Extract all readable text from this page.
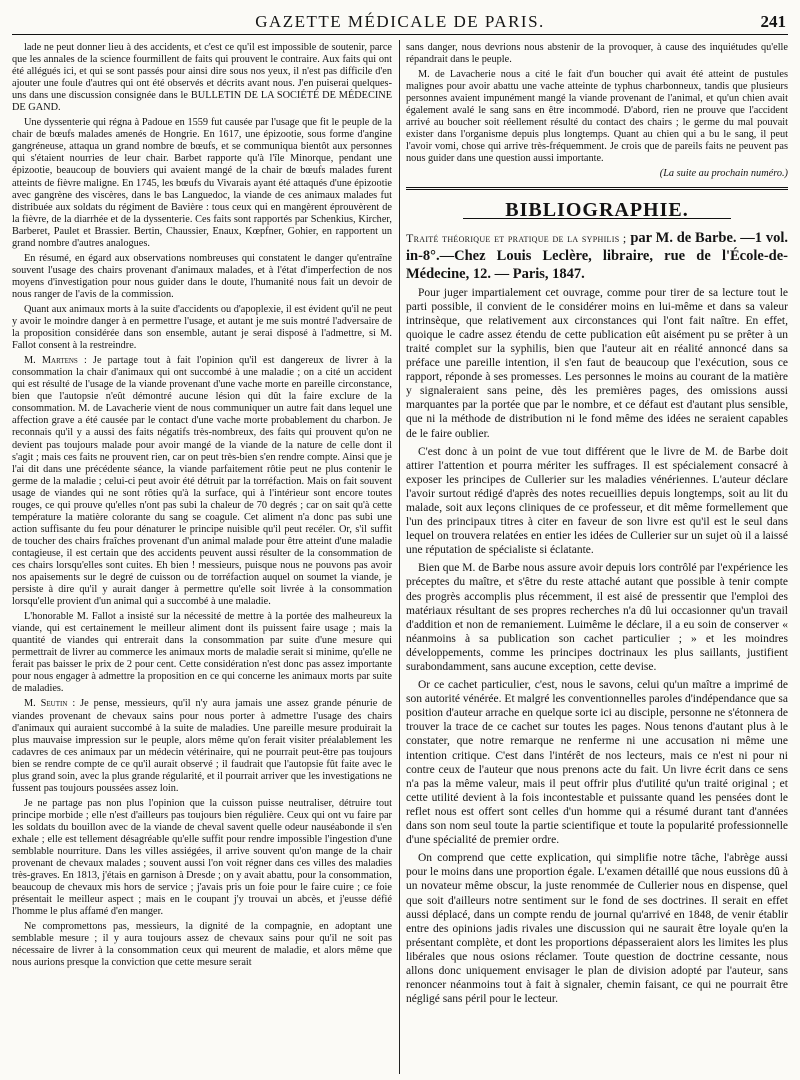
GAZETTE MÉDICALE DE PARIS.	241

lade ne peut donner lieu à des accidents, et c'est ce qu'il est impossible de soutenir, parce que les annales de la science fourmillent de faits qui prouvent le contraire. Aux faits qui ont été allégués ici, et qui se sont passés pour ainsi dire sous nos yeux, il n'est pas difficile d'en ajouter une foule d'autres qui ont été observés et décrits avant nous. J'en puiserai quelques-uns dans une discussion consignée dans le BULLETIN DE LA SOCIÉTÉ DE MÉDECINE DE GAND.

Une dyssenterie qui régna à Padoue en 1559 fut causée par l'usage que fit le peuple de la chair de bœufs malades amenés de Hongrie. En 1617, une épizootie, sous forme d'angine gangréneuse, attaqua un grand nombre de bœufs, et se communiqua bientôt aux personnes qui s'étaient nourries de leur chair. Barbet rapporte qu'à l'île Minorque, pendant une épizootie, beaucoup de bouviers qui avaient mangé de la chair de bœufs malades furent atteints de fièvre maligne. En 1745, les bœufs du Vivarais ayant été attaqués d'une épizootie avec gangrène des viscères, dans le bas Languedoc, la viande de ces animaux malades fut distribuée aux soldats du régiment de Bavière : tous ceux qui en mangèrent éprouvèrent de la fièvre, de la diarrhée et de la dyssenterie. Ces faits sont rapportés par Schenkius, Kircher, Barberet, Paulet et Brassier. Bertin, Chaussier, Enaux, Kœpfner, Gohier, en rapportent un grand nombre d'autres analogues.

En résumé, en égard aux observations nombreuses qui constatent le danger qu'entraîne souvent l'usage des chairs provenant d'animaux malades, et à l'état d'imperfection de nos moyens d'investigation pour nous guider dans le doute, l'humanité nous fait un devoir de nous ranger de l'avis de la commission.

Quant aux animaux morts à la suite d'accidents ou d'apoplexie, il est évident qu'il ne peut y avoir le moindre danger à en permettre l'usage, et autant je me suis montré l'adversaire de la proposition considérée dans son ensemble, autant je serai disposé à l'admettre, si M. Fallot consent à la restreindre.

M. Martens : Je partage tout à fait l'opinion qu'il est dangereux de livrer à la consommation la chair d'animaux qui ont succombé à une maladie ; on a cité un accident qui est résulté de l'usage de la viande provenant d'une vache morte en pareille circonstance, bien que l'autopsie n'eût démontré aucune lésion qui dût la faire exclure de la consommation. M. de Lavacherie vient de nous communiquer un autre fait dans lequel une affection grave a été causée par le contact d'une vache morte probablement du charbon. Je reconnais qu'il y a aussi des faits négatifs très-nombreux, des faits qui prouvent qu'on ne devient pas toujours malade pour avoir mangé de la viande de la nature de celle dont il s'agit ; mais ces faits ne prouvent rien, car on peut très-bien s'en rendre compte. Ainsi que je l'ai dit dans une précédente séance, la viande parfaitement rôtie peut ne plus contenir le germe de la maladie ; celui-ci peut avoir été détruit par la torréfaction. Mais on fait souvent usage de viandes qui ne sont rôties qu'à la surface, qui à l'intérieur sont encore toutes rouges, ce qui prouve qu'elles n'ont pas subi la chaleur de 70 degrés ; car on sait qu'à cette température la matière colorante du sang se coagule. Cet aliment n'a donc pas subi une action suffisante du feu pour dénaturer le principe nuisible qu'il peut recéler. Or, s'il suffit de toucher des chairs fraîches provenant d'un animal malade pour être atteint d'une maladie contagieuse, il est certain que des accidents peuvent aussi résulter de la consommation de ces chairs lorsqu'elles sont cuites. Eh bien ! messieurs, puisque nous ne pouvons pas avoir nos apaisements sur le degré de cuisson ou de torréfaction auquel on soumet la viande, je persiste à dire qu'il y aurait danger à permettre qu'elle soit livrée à la consommation lorsqu'elle provient d'un animal qui a succombé à une maladie.

L'honorable M. Fallot a insisté sur la nécessité de mettre à la portée des malheureux la viande, qui est certainement le meilleur aliment dont ils puissent faire usage ; mais la quantité de viandes qui entrerait dans la consommation par suite d'une mesure qui permettrait de livrer au commerce les animaux morts de maladie serait si minime, qu'elle ne ferait pas baisser le prix de 2 pour cent. Cette considération n'est donc pas assez importante pour nous engager à admettre la proposition en ce qui concerne les animaux morts par suite de maladies.

M. Seutin : Je pense, messieurs, qu'il n'y aura jamais une assez grande pénurie de viandes provenant de chevaux sains pour nous porter à admettre l'usage des chairs d'animaux qui auraient succombé à la suite de maladies. Une pareille mesure produirait la plus mauvaise impression sur le peuple, alors même qu'on ferait visiter préalablement les cadavres de ces animaux par un médecin vétérinaire, qui ne pourrait peut-être pas toujours bien se rendre compte de ce qu'il aurait observé ; il faudrait que l'autopsie fût faite avec le plus grand soin, avec la plus grande régularité, et il pourrait arriver que les investigations ne fussent pas toujours poussées assez loin.

Je ne partage pas non plus l'opinion que la cuisson puisse neutraliser, détruire tout principe morbide ; elle n'est d'ailleurs pas toujours bien régulière. Ceux qui ont vu faire par les soldats du bouillon avec de la viande de cheval savent quelle odeur nauséabonde il s'en exhale ; elle est tellement désagréable qu'elle suffit pour rendre impossible l'ingestion d'une semblable nourriture. Dans les villes assiégées, il arrive souvent qu'on mange de la chair provenant de chevaux malades ; souvent aussi l'on voit régner dans ces villes des maladies très-graves. En 1813, j'étais en garnison à Dresde ; on y avait abattu, pour la consommation, beaucoup de chevaux mis hors de service ; j'avais pris un foie pour le faire cuire ; ce foie présentait le meilleur aspect ; mais en le coupant j'y trouvai un abcès, et j'eusse défié l'homme le plus affamé d'en manger.

Ne compromettons pas, messieurs, la dignité de la compagnie, en adoptant une semblable mesure ; il y aura toujours assez de chevaux sains pour qu'il ne soit pas nécessaire de livrer à la consommation ceux qui meurent de maladie, et alors même que nous aurions presque la conviction que cette mesure serait

sans danger, nous devrions nous abstenir de la provoquer, à cause des inquiétudes qu'elle répandrait dans le peuple.

M. de Lavacherie nous a cité le fait d'un boucher qui avait été atteint de pustules malignes pour avoir abattu une vache atteinte de typhus charbonneux, tandis que plusieurs personnes avaient impunément mangé la viande provenant de l'animal, et qu'un chien avait également avalé le sang sans en être incommodé. D'abord, rien ne prouve que l'accident arrivé au boucher soit réellement résulté du contact des chairs ; le germe du mal pouvait exister dans l'organisme depuis plus longtemps. Quant au chien qui a bu le sang, il peut l'avoir vomi, chose qui arrive très-fréquemment. Je crois que de pareils faits ne peuvent pas nous guider dans une question aussi importante.

(La suite au prochain numéro.)

BIBLIOGRAPHIE.

Traité théorique et pratique de la syphilis ; par M. de Barbe. —1 vol. in-8°.—Chez Louis Leclère, libraire, rue de l'École-de-Médecine, 12. — Paris, 1847.

Pour juger impartialement cet ouvrage, comme pour tirer de sa lecture tout le parti possible, il convient de le considérer moins en lui-même et dans sa valeur intrinsèque, que relativement aux circonstances qui l'ont fait naître. En effet, quoique le cadre assez étendu de cette publication eût aisément pu se prêter à un traité complet sur la syphilis, bien que l'auteur ait en réalité annoncé dans sa préface une pareille intention, il s'en faut de beaucoup que l'exécution, sous ce rapport, réponde à ses promesses. Les personnes le moins au courant de la matière y signaleraient sans peine, dès les premières pages, des omissions aussi marquantes par la portée que par le nombre, et ce défaut est d'autant plus sensible, que ni la méthode de distribution ni le fond même des idées ne seraient capables de le faire oublier.

C'est donc à un point de vue tout différent que le livre de M. de Barbe doit attirer l'attention et pourra mériter les suffrages. Il est spécialement consacré à exposer les principes de Cullerier sur les maladies vénériennes. L'auteur déclare l'avoir surtout rédigé d'après des notes recueillies depuis longtemps, soit au lit du malade, soit aux leçons cliniques de ce professeur, et dit même formellement que l'un des principaux titres à citer en faveur de son livre est qu'il est le seul dans lequel on trouvera relatées en entier les idées de Cullerier sur un sujet où il a laissé une réputation de spécialiste si éclatante.

Bien que M. de Barbe nous assure avoir depuis lors contrôlé par l'expérience les préceptes du maître, et s'être du reste attaché autant que possible à tenir compte des progrès accomplis plus récemment, il est aisé de pressentir que l'emploi des matériaux résultant de ses propres recherches n'a dû lui occasionner qu'un travail d'addition et non de remaniement. Luimême le déclare, il a eu soin de conserver « néanmoins à sa publication son cachet particulier ; » et les moindres développements, comme les principes doctrinaux les plus saillants, justifient surabondamment, sans aucune exception, cette devise.

Or ce cachet particulier, c'est, nous le savons, celui qu'un maître a imprimé de son autorité vénérée. Et malgré les conventionnelles paroles d'indépendance que sa position d'auteur arrache en quelque sorte ici au disciple, personne ne s'étonnera de trouver la trace de ce cachet sur toutes les pages. Nous tenons d'autant plus à le constater, que notre remarque ne renferme ni une accusation ni même une intention critique. C'est dans l'intérêt de nos lecteurs, mais ce n'est ni pour ni contre ceux de l'auteur que nous prenons acte du fait. Un livre écrit dans ce sens n'a pas la même valeur, mais il peut offrir plus d'utilité qu'un traité original ; et cette utilité devient à la fois incontestable et puissante quand les pensées dont le reflet nous est offert sont celles d'un homme qui a résumé durant tant d'années dans son nom seul toute la partie scientifique et toute la popularité professionnelle d'une spécialité de premier ordre.

On comprend que cette explication, qui simplifie notre tâche, l'abrège aussi pour le moins dans une proportion égale. L'examen détaillé que nous eussions dû à un novateur même obscur, la juste renommée de Cullerier nous en dispense, quel que soit d'ailleurs notre sentiment sur le fond de ses doctrines. Il serait en effet aussi déplacé, dans un compte rendu de journal qu'arrivé en 1848, de venir établir entre des opinions jadis rivales une discussion qui ne saurait être loyale qu'en la présentant complète, et dont les proportions dépasseraient alors les limites les plus libérales que nous osions réclamer. Toute question de doctrine cessante, nous allons donc uniquement envisager le plan de division adopté par l'auteur, sans renoncer néanmoins tout à fait à signaler, chemin faisant, ce qui ne pourrait être négligé sans péril pour le lecteur.
